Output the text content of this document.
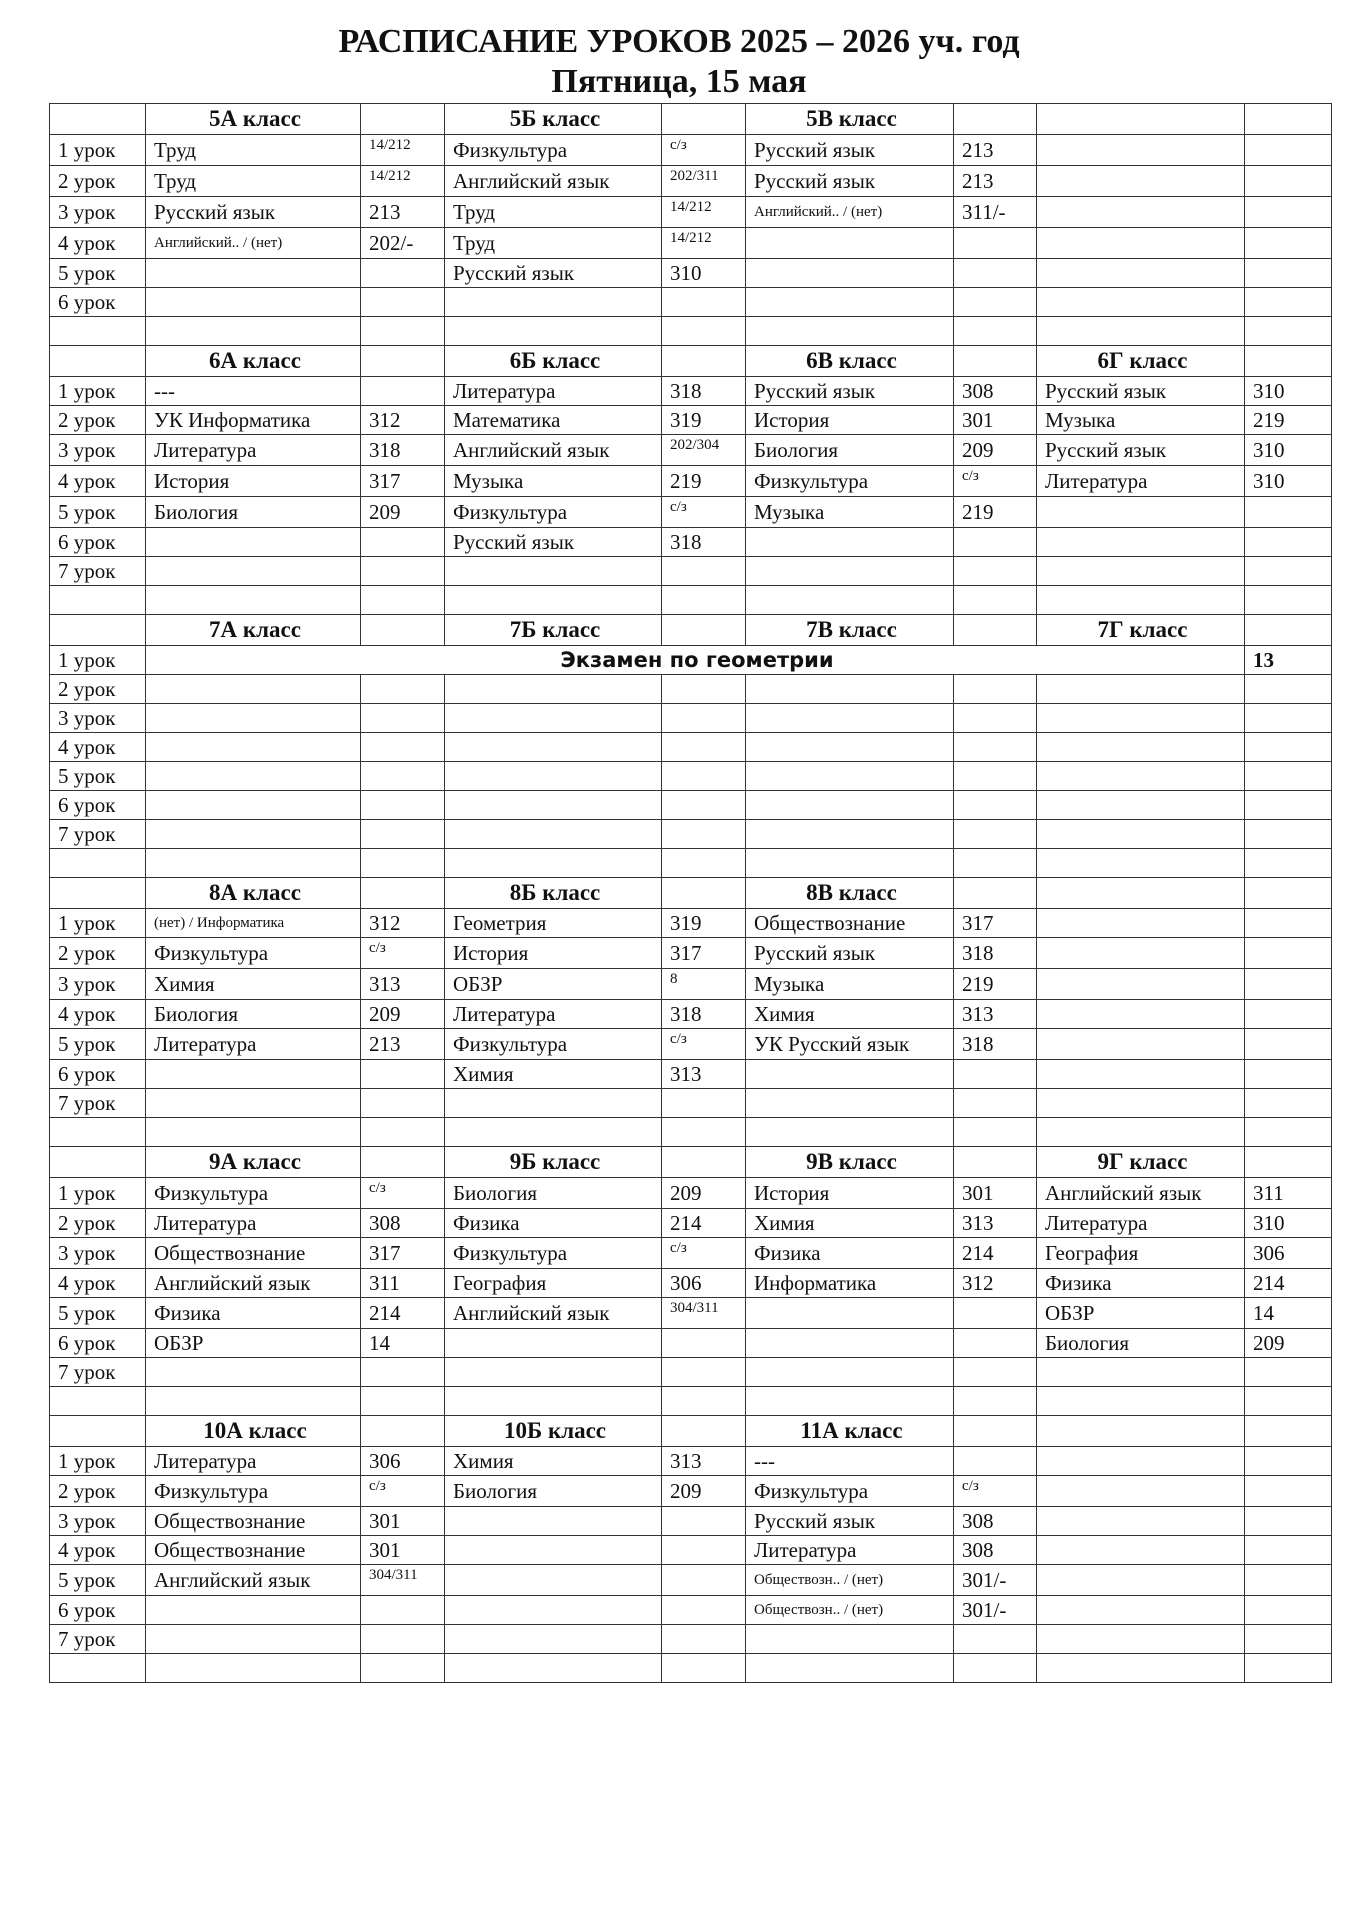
РАСПИСАНИЕ УРОКОВ 2025 – 2026 уч. год
Пятница, 15 мая
	5А класс		5Б класс		5В класс			
1 урок	Труд	14/212	Физкультура	с/з	Русский язык	213		
2 урок	Труд	14/212	Английский язык	202/311	Русский язык	213		
3 урок	Русский язык	213	Труд	14/212	Английский.. / (нет)	311/-		
4 урок	Английский.. / (нет)	202/-	Труд	14/212				
5 урок			Русский язык	310				
6 урок								

	6А класс		6Б класс		6В класс		6Г класс	
1 урок	---		Литература	318	Русский язык	308	Русский язык	310
2 урок	УК Информатика	312	Математика	319	История	301	Музыка	219
3 урок	Литература	318	Английский язык	202/304	Биология	209	Русский язык	310
4 урок	История	317	Музыка	219	Физкультура	с/з	Литература	310
5 урок	Биология	209	Физкультура	с/з	Музыка	219		
6 урок			Русский язык	318				
7 урок								

	7А класс		7Б класс		7В класс		7Г класс	
1 урок	Экзамен по геометрии							13
2 урок								
3 урок								
4 урок								
5 урок								
6 урок								
7 урок								

	8А класс		8Б класс		8В класс			
1 урок	(нет) / Информатика	312	Геометрия	319	Обществознание	317		
2 урок	Физкультура	с/з	История	317	Русский язык	318		
3 урок	Химия	313	ОБЗР	8	Музыка	219		
4 урок	Биология	209	Литература	318	Химия	313		
5 урок	Литература	213	Физкультура	с/з	УК Русский язык	318		
6 урок			Химия	313				
7 урок								

	9А класс		9Б класс		9В класс		9Г класс	
1 урок	Физкультура	с/з	Биология	209	История	301	Английский язык	311
2 урок	Литература	308	Физика	214	Химия	313	Литература	310
3 урок	Обществознание	317	Физкультура	с/з	Физика	214	География	306
4 урок	Английский язык	311	География	306	Информатика	312	Физика	214
5 урок	Физика	214	Английский язык	304/311			ОБЗР	14
6 урок	ОБЗР	14					Биология	209
7 урок								

	10А класс		10Б класс		11А класс			
1 урок	Литература	306	Химия	313	---			
2 урок	Физкультура	с/з	Биология	209	Физкультура	с/з		
3 урок	Обществознание	301			Русский язык	308		
4 урок	Обществознание	301			Литература	308		
5 урок	Английский язык	304/311			Обществозн.. / (нет)	301/-		
6 урок					Обществозн.. / (нет)	301/-		
7 урок								
